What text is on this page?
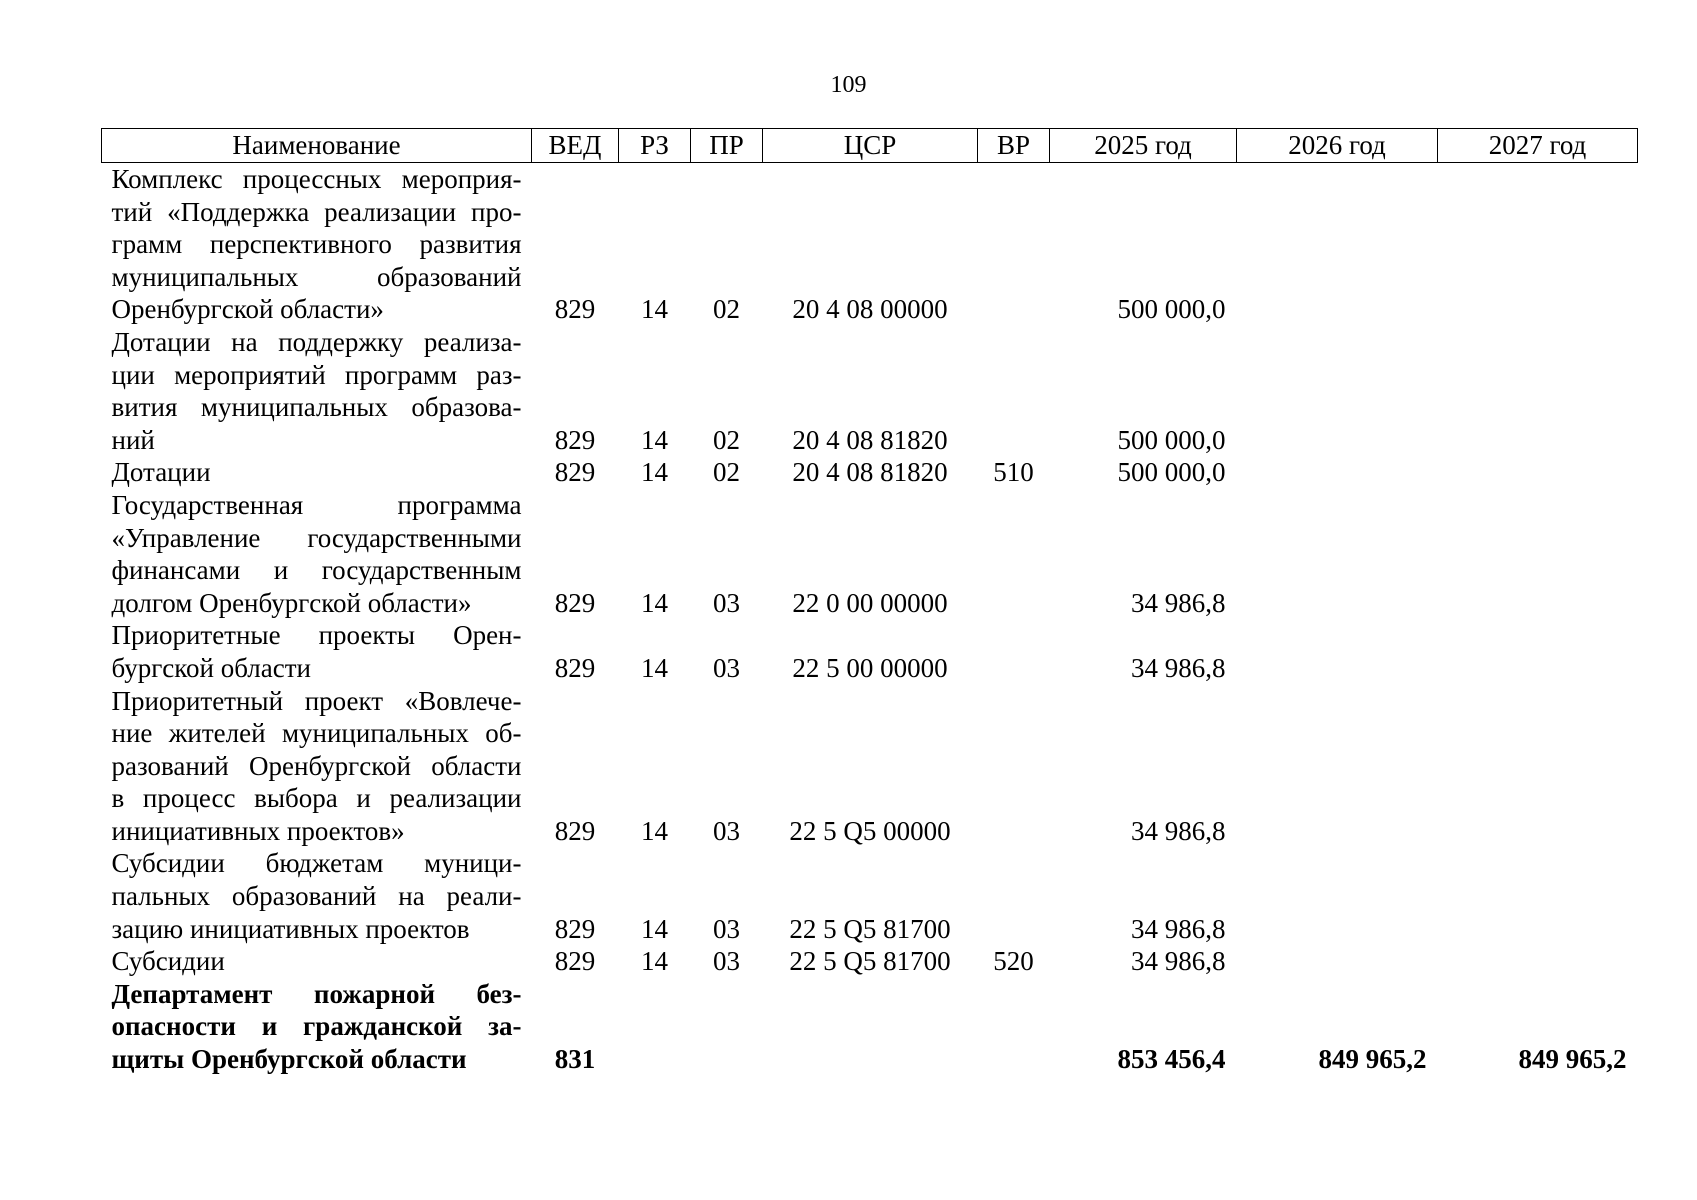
109
Наименование	ВЕД	РЗ	ПР	ЦСР	ВР	2025 год	2026 год	2027 год

Комплекс процессных мероприя-
тий «Поддержка реализации про-
грамм перспективного развития
муниципальных образований
Оренбургской области»	829	14	02	20 4 08 00000		500 000,0		

Дотации на поддержку реализа-
ции мероприятий программ раз-
вития муниципальных образова-
ний	829	14	02	20 4 08 81820		500 000,0		

Дотации	829	14	02	20 4 08 81820	510	500 000,0		

Государственная программа
«Управление государственными
финансами и государственным
долгом Оренбургской области»	829	14	03	22 0 00 00000		34 986,8		

Приоритетные проекты Орен-
бургской области	829	14	03	22 5 00 00000		34 986,8		

Приоритетный проект «Вовлече-
ние жителей муниципальных об-
разований Оренбургской области
в процесс выбора и реализации
инициативных проектов»	829	14	03	22 5 Q5 00000		34 986,8		

Субсидии бюджетам муници-
пальных образований на реали-
зацию инициативных проектов	829	14	03	22 5 Q5 81700		34 986,8		

Субсидии	829	14	03	22 5 Q5 81700	520	34 986,8		

Департамент пожарной без-
опасности и гражданской за-
щиты Оренбургской области	831					853 456,4	849 965,2	849 965,2
